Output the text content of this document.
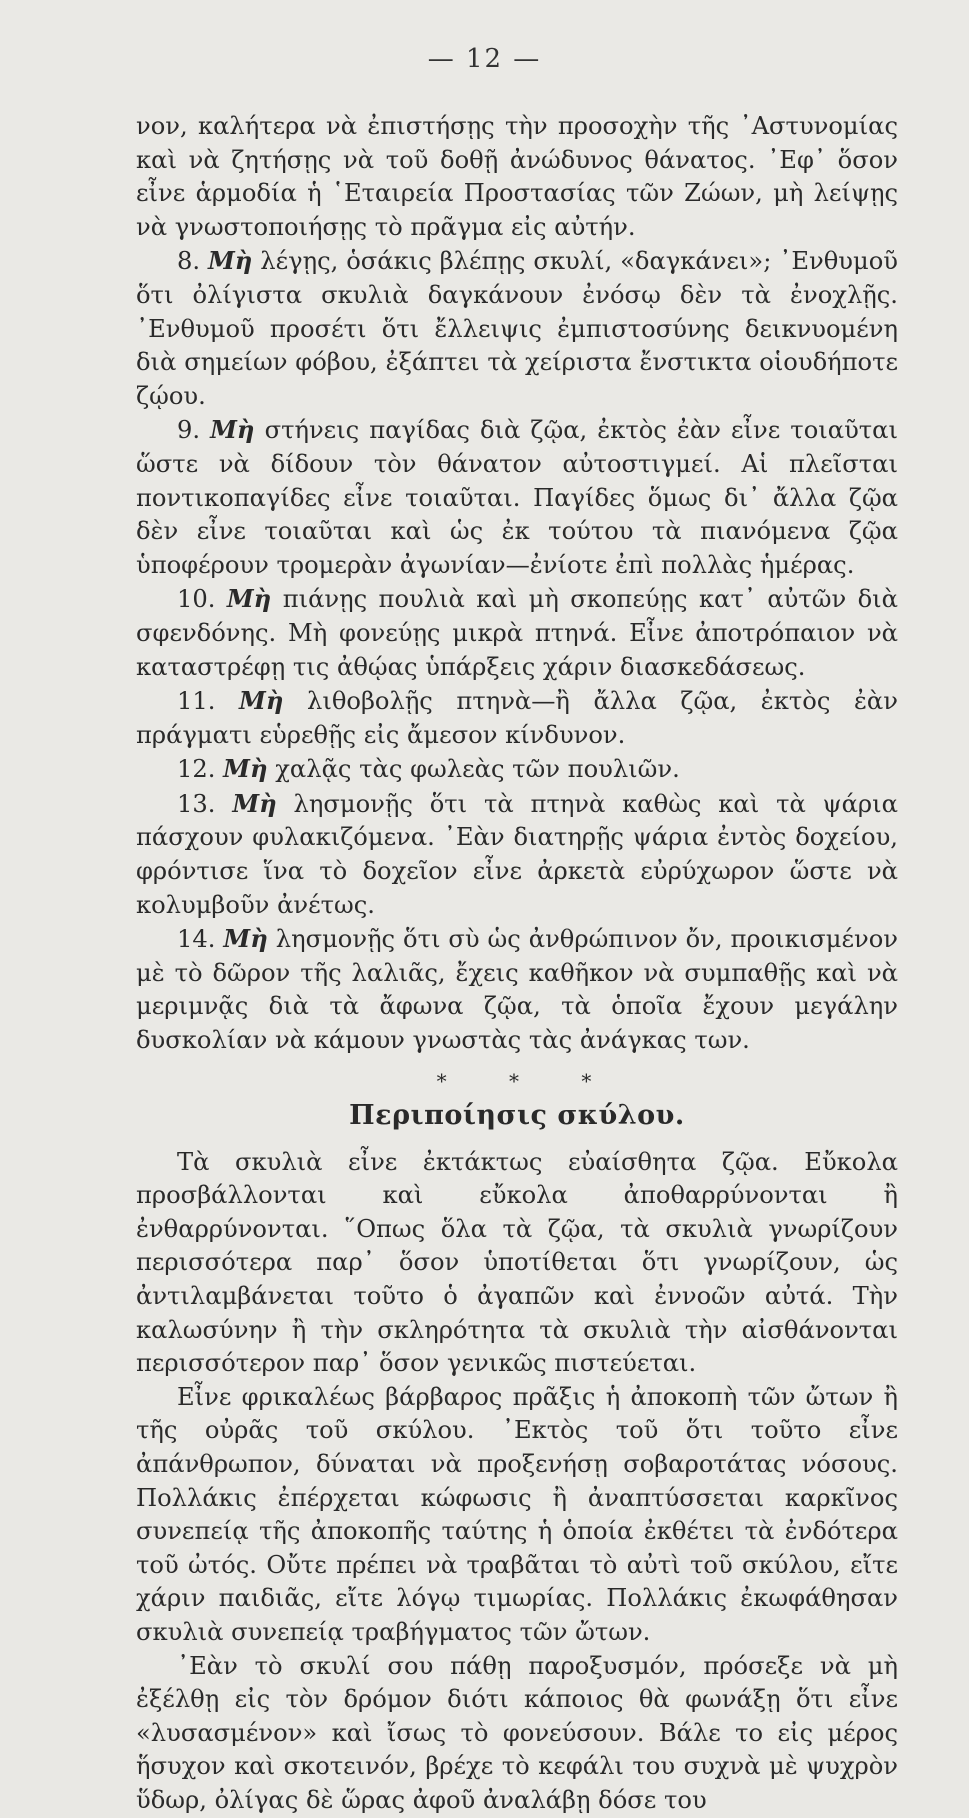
— 12 —

νον, καλήτερα νὰ ἐπιστήσῃς τὴν προσοχὴν τῆς ᾽Αστυνομίας καὶ νὰ ζητήσῃς νὰ τοῦ δοθῇ ἀνώδυνος θάνατος. ᾽Εφ᾽ ὅσον εἶνε ἁρμοδία ἡ ῾Εταιρεία Προστασίας τῶν Ζώων, μὴ λείψῃς νὰ γνωστοποιήσῃς τὸ πρᾶγμα εἰς αὐτήν.

8. Μὴ λέγῃς, ὁσάκις βλέπῃς σκυλί, «δαγκάνει»; ᾽Ενθυμοῦ ὅτι ὀλίγιστα σκυλιὰ δαγκάνουν ἐνόσῳ δὲν τὰ ἐνοχλῇς. ᾽Ενθυμοῦ προσέτι ὅτι ἔλλειψις ἐμπιστοσύνης δεικνυομένη διὰ σημείων φόβου, ἐξάπτει τὰ χείριστα ἔνστικτα οἱουδήποτε ζῴου.

9. Μὴ στήνεις παγίδας διὰ ζῷα, ἐκτὸς ἐὰν εἶνε τοιαῦται ὥστε νὰ δίδουν τὸν θάνατον αὐτοστιγμεί. Αἱ πλεῖσται ποντικοπαγίδες εἶνε τοιαῦται. Παγίδες ὅμως δι᾽ ἄλλα ζῷα δὲν εἶνε τοιαῦται καὶ ὡς ἐκ τούτου τὰ πιανόμενα ζῷα ὑποφέρουν τρομερὰν ἀγωνίαν—ἐνίοτε ἐπὶ πολλὰς ἡμέρας.

10. Μὴ πιάνῃς πουλιὰ καὶ μὴ σκοπεύῃς κατ᾽ αὐτῶν διὰ σφενδόνης. Μὴ φονεύῃς μικρὰ πτηνά. Εἶνε ἀποτρόπαιον νὰ καταστρέφῃ τις ἀθῴας ὑπάρξεις χάριν διασκεδάσεως.

11. Μὴ λιθοβολῇς πτηνὰ—ἢ ἄλλα ζῷα, ἐκτὸς ἐὰν πράγματι εὑρεθῇς εἰς ἄμεσον κίνδυνον.

12. Μὴ χαλᾷς τὰς φωλεὰς τῶν πουλιῶν.

13. Μὴ λησμονῇς ὅτι τὰ πτηνὰ καθὼς καὶ τὰ ψάρια πάσχουν φυλακιζόμενα. ᾽Εὰν διατηρῇς ψάρια ἐντὸς δοχείου, φρόντισε ἵνα τὸ δοχεῖον εἶνε ἀρκετὰ εὐρύχωρον ὥστε νὰ κολυμβοῦν ἀνέτως.

14. Μὴ λησμονῇς ὅτι σὺ ὡς ἀνθρώπινον ὄν, προικισμένον μὲ τὸ δῶρον τῆς λαλιᾶς, ἔχεις καθῆκον νὰ συμπαθῇς καὶ νὰ μεριμνᾷς διὰ τὰ ἄφωνα ζῷα, τὰ ὁποῖα ἔχουν μεγάλην δυσκολίαν νὰ κάμουν γνωστὰς τὰς ἀνάγκας των.

* * *
Περιποίησις σκύλου.

Τὰ σκυλιὰ εἶνε ἐκτάκτως εὐαίσθητα ζῷα. Εὔκολα προσβάλλονται καὶ εὔκολα ἀποθαρρύνονται ἢ ἐνθαρρύνονται. ῞Οπως ὅλα τὰ ζῷα, τὰ σκυλιὰ γνωρίζουν περισσότερα παρ᾽ ὅσον ὑποτίθεται ὅτι γνωρίζουν, ὡς ἀντιλαμβάνεται τοῦτο ὁ ἀγαπῶν καὶ ἐννοῶν αὐτά. Τὴν καλωσύνην ἢ τὴν σκληρότητα τὰ σκυλιὰ τὴν αἰσθάνονται περισσότερον παρ᾽ ὅσον γενικῶς πιστεύεται.

Εἶνε φρικαλέως βάρβαρος πρᾶξις ἡ ἀποκοπὴ τῶν ὤτων ἢ τῆς οὐρᾶς τοῦ σκύλου. ᾽Εκτὸς τοῦ ὅτι τοῦτο εἶνε ἀπάνθρωπον, δύναται νὰ προξενήσῃ σοβαροτάτας νόσους. Πολλάκις ἐπέρχεται κώφωσις ἢ ἀναπτύσσεται καρκῖνος συνεπείᾳ τῆς ἀποκοπῆς ταύτης ἡ ὁποία ἐκθέτει τὰ ἐνδότερα τοῦ ὠτός. Οὔτε πρέπει νὰ τραβᾶται τὸ αὐτὶ τοῦ σκύλου, εἴτε χάριν παιδιᾶς, εἴτε λόγῳ τιμωρίας. Πολλάκις ἐκωφάθησαν σκυλιὰ συνεπείᾳ τραβήγματος τῶν ὤτων.

᾽Εὰν τὸ σκυλί σου πάθῃ παροξυσμόν, πρόσεξε νὰ μὴ ἐξέλθῃ εἰς τὸν δρόμον διότι κάποιος θὰ φωνάξῃ ὅτι εἶνε «λυσασμένον» καὶ ἴσως τὸ φονεύσουν. Βάλε το εἰς μέρος ἥσυχον καὶ σκοτεινόν, βρέχε τὸ κεφάλι του συχνὰ μὲ ψυχρὸν ὕδωρ, ὀλίγας δὲ ὥρας ἀφοῦ ἀναλάβῃ δόσε του
